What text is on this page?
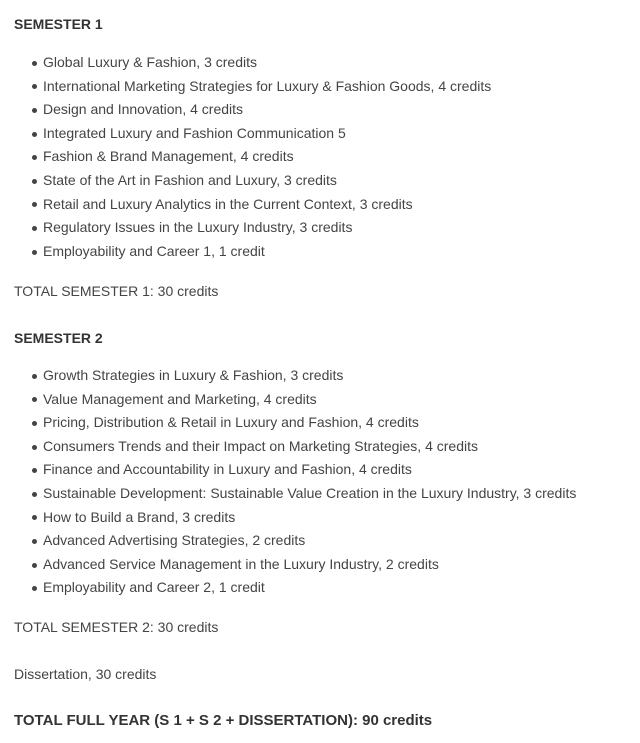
SEMESTER 1
Global Luxury & Fashion, 3 credits
International Marketing Strategies for Luxury & Fashion Goods, 4 credits
Design and Innovation, 4 credits
Integrated Luxury and Fashion Communication 5
Fashion & Brand Management, 4 credits
State of the Art in Fashion and Luxury, 3 credits
Retail and Luxury Analytics in the Current Context, 3 credits
Regulatory Issues in the Luxury Industry, 3 credits
Employability and Career 1, 1 credit
TOTAL SEMESTER 1: 30 credits
SEMESTER 2
Growth Strategies in Luxury & Fashion, 3 credits
Value Management and Marketing, 4 credits
Pricing, Distribution & Retail in Luxury and Fashion, 4 credits
Consumers Trends and their Impact on Marketing Strategies, 4 credits
Finance and Accountability in Luxury and Fashion, 4 credits
Sustainable Development: Sustainable Value Creation in the Luxury Industry, 3 credits
How to Build a Brand, 3 credits
Advanced Advertising Strategies, 2 credits
Advanced Service Management in the Luxury Industry, 2 credits
Employability and Career 2, 1 credit
TOTAL SEMESTER 2: 30 credits
Dissertation, 30 credits
TOTAL FULL YEAR (S 1 + S 2 + DISSERTATION): 90 credits
